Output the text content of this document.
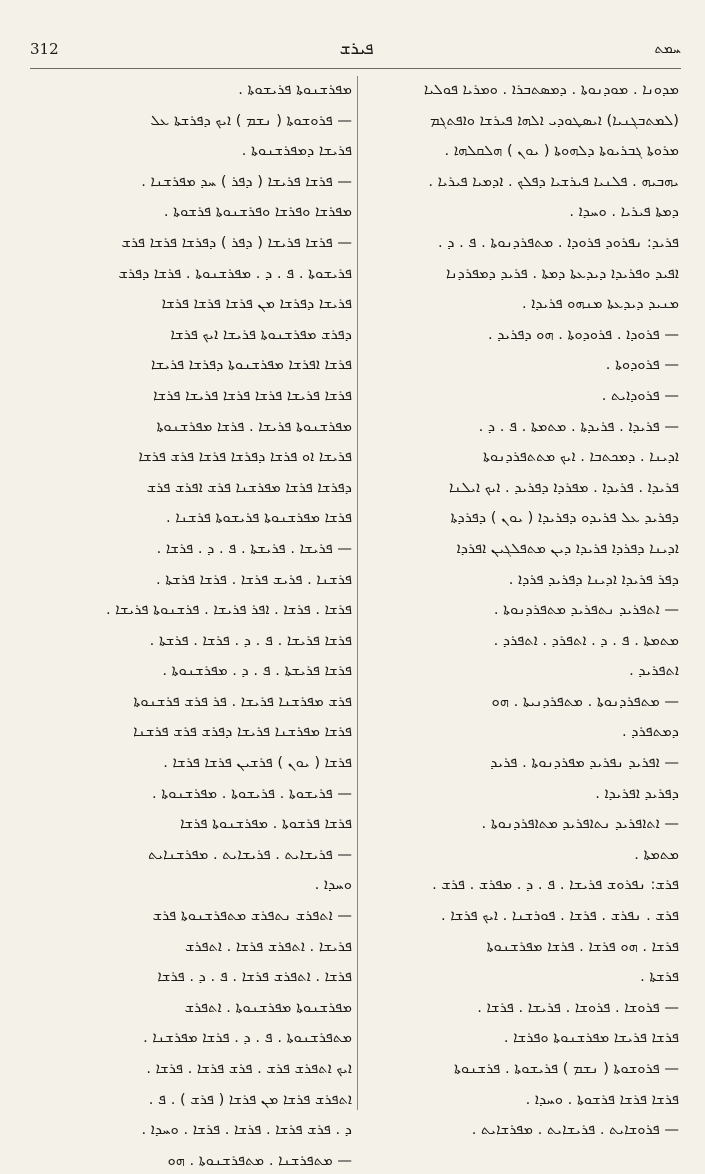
312	ܦܝܪܫ	ܚܡܬ
ܡܕܘܢܐ . ܡܘܕܢܘܬܐ . ܕܡܣܬܒܪܐ . ܘܡܪܝܐ ܦܘܠܝܐ
(ܠܡܬܒܓܢܝܐ) ܐܝܣܛܘܕܝ ܐܠܗܐ ܦܝܪܫܐ ܘܐܦܬܓܡ
ܡܪܘܬܐ ܓܒܪܝܘܬܐ ܕܠܗܘܬܐ ( ܝܘܢ ) ܗܠܩܠܗܐ .
ܝܗܒܝܗ . ܦܠܢܝܐ ܦܝܪܫܝܐ ܕܦܠܟ . ܐܕܡܝܐ ܦܝܪܝܐ .
ܕܡܬܐ ܦܝܪܝܐ . ܘܚܕܐ .
ܦܪܝܕ: ܢܦܪܘܕ ܦܪܘܕܐ . ܡܬܦܪܕܢܘܬܐ . ܦ . ܕ .
ܐܦܝܕ ܘܦܪܝܕܐ ܕܝܕܥܬܐ ܕܡܬܐ . ܦܪܝܕ ܕܡܦܪܕܢܐ
ܡܢܝܕ ܕܝܕܥܬܐ ܡܢܗܘ ܦܪܝܕܐ .
— ܦܪܘܕܐ . ܦܪܘܕܘܬܐ . ܗܘ ܕܦܪܝܕ .
— ܦܪܘܕܘܬܐ .
— ܦܪܘܕܐܝܬ .
— ܦܪܝܕܐ . ܦܪܝܕܬܐ . ܡܬܡܬܐ . ܦ . ܕ .
ܐܕܝܢܐ . ܕܡܟܬܒܐ . ܐܝܟ ܡܬܬܦܪܕܢܘܬܐ
ܦܪܝܕܐ . ܦܪܝܕܐ . ܡܦܪܕܐ ܕܦܪܝܕ . ܐܝܟ ܐܝܠܢܐ
ܕܦܪܝܕ ܥܠ ܦܪܝܕܘ ܕܦܪܝܕܐ ( ܝܘܢ ) ܕܦܪܕܬܐ
ܐܕܝܢܐ ܕܦܪܕܐ ܦܪܝܕܐ ܕܝܢ ܡܬܦܠܓܝܢ ܐܦܪܕܐ
ܕܦܪ ܦܪܝܕܐ ܐܕܝܢܐ ܕܦܪܝܕ ܦܪܕܐ .
— ܐܬܦܪܝܕ ܢܬܦܪܝܕ ܡܬܦܪܕܢܘܬܐ .
ܡܬܡܬܐ . ܦ . ܕ . ܐܬܦܪܕ . ܐܬܦܪܕ .
ܐܬܦܪܝܕ .
— ܡܬܦܪܕܢܘܬܐ . ܡܬܦܪܕܢܝܬܐ . ܗܘ
ܕܡܬܦܪܕ .
— ܐܦܪܝܕ ܢܦܪܝܕ ܡܦܪܕܢܘܬܐ . ܦܪܝܕ
ܕܦܪܝܕ ܐܦܪܝܕܐ .
— ܐܬܐܦܪܝܕ ܢܬܐܦܪܝܕ ܡܬܐܦܪܕܢܘܬܐ .
ܡܬܡܬܐ .
ܦܪܫ: ܢܦܪܘܫ ܦܪܝܫܐ . ܦ . ܕ . ܡܦܪܫ . ܦܪܫ .
ܦܪܫ . ܢܦܪܫ . ܦܪܫܐ . ܦܘܪܫܢܐ . ܐܝܟ ܦܪܫܐ .
ܦܪܫܐ . ܗܘ ܦܪܫܐ . ܦܪܫܐ ܡܦܪܫܢܘܬܐ
ܦܪܫܬܐ .
— ܦܪܘܫܐ . ܦܪܘܫܐ . ܦܪܝܫܐ . ܦܪܫܐ .
ܦܪܫܐ ܦܪܝܫܐ ܡܦܪܫܢܘܬܐ ܘܦܪܫܐ .
— ܦܪܘܫܘܬܐ ( ܢܫܡ ) ܦܪܝܫܘܬܐ . ܦܪܫܢܘܬܐ
ܦܪܫܐ ܦܪܫܐ ܦܪܫܘܬܐ . ܘܚܕܐ .
— ܦܪܘܫܐܝܬ . ܦܪܝܫܐܝܬ . ܡܦܪܫܐܝܬ .
ܡܦܪܫܢܘܬܐ ܦܪܝܫܘܬܐ .
— ܦܪܘܫܘܬܐ ( ܢܫܡ ) ܐܝܟ ܕܦܪܫܬܐ ܥܠ
ܦܪܝܫܐ ܕܡܦܪܫܢܘܬܐ .
— ܦܪܫܐ ܦܪܝܫܐ ( ܕܦܪ ) ܚܕ ܡܦܪܫܢܐ .
ܡܦܪܫܐ ܘܦܪܫܐ ܘܦܪܫܢܘܬܐ ܦܪܫܘܬܐ .
— ܦܪܫܐ ܦܪܝܫܐ ( ܕܦܪ ) ܕܦܪܫܐ ܦܪܫܐ ܦܪܫ
ܦܪܝܫܘܬܐ . ܦ . ܕ . ܡܦܪܫܢܘܬܐ . ܦܪܫܐ ܕܦܪܫ
ܦܪܝܫܐ ܕܦܪܫܐ ܡܢ ܦܪܫܐ ܦܪܫܐ ܦܪܫܐ
ܕܦܪܫ ܡܦܪܫܢܘܬܐ ܦܪܝܫܐ ܐܝܟ ܦܪܫܐ
ܦܪܫܐ ܐܦܪܫܐ ܡܦܪܫܢܘܬܐ ܕܦܪܫܐ ܦܪܝܫܐ
ܦܪܫܐ ܦܪܝܫܐ ܦܪܫܐ ܦܪܫܐ ܦܪܝܫܐ ܦܪܫܐ
ܡܦܪܫܢܘܬܐ ܦܪܝܫܐ . ܦܪܫܐ ܡܦܪܫܢܘܬܐ
ܦܪܝܫܐ ܐܘ ܦܪܫܐ ܕܦܪܫܐ ܦܪܫܐ ܦܪܫ ܦܪܫܐ
ܕܦܪܫܐ ܦܪܫܐ ܡܦܪܫܢܐ ܦܪܫ ܐܦܪܫ ܦܪܫ
ܦܪܫܐ ܡܦܪܫܢܘܬܐ ܦܪܝܫܘܬܐ ܦܪܫܢܐ .
— ܦܪܝܫܐ . ܦܪܝܫܬܐ . ܦ . ܕ . ܦܪܫܐ .
ܦܪܫܢܐ . ܦܪܝܫ ܦܪܫܐ . ܦܪܫܐ ܦܪܫܬܐ .
ܦܪܫܐ . ܦܪܫܐ . ܐܦܪ ܦܪܝܫܐ . ܦܪܫܢܘܬܐ ܦܪܝܫܐ .
ܦܪܫܐ ܦܪܝܫܐ . ܦ . ܕ . ܦܪܫܐ . ܦܪܫܬܐ .
ܦܪܫܐ ܦܪܝܫܬܐ . ܦ . ܕ . ܡܦܪܫܢܘܬܐ .
ܦܪܫ ܡܦܪܫܢܐ ܦܪܝܫܐ . ܦܪ ܦܪܫ ܦܪܫܢܘܬܐ
ܦܪܫܐ ܡܦܪܫܢܐ ܦܪܝܫܐ ܕܦܪܫ ܦܪܫ ܦܪܫܢܐ
ܦܪܫܐ ( ܝܘܢ ) ܦܪܫܝܢ ܦܪܫܐ ܦܪܫܐ .
— ܦܪܝܫܘܬܐ . ܦܪܝܫܘܬܐ . ܡܦܪܫܢܘܬܐ .
ܦܪܫܐ ܦܪܫܘܬܐ . ܡܦܪܫܢܘܬܐ ܦܪܫܐ
— ܦܪܝܫܐܝܬ . ܦܪܝܫܐܝܬ . ܡܦܪܫܢܐܝܬ
ܘܚܕܐ .
— ܐܬܦܪܫ ܢܬܦܪܫ ܡܬܦܪܫܢܘܬܐ ܦܪܫ
ܦܪܝܫܐ . ܐܬܦܪܫ ܦܪܫܐ . ܐܬܦܪܫ
ܦܪܫܐ . ܐܬܦܪܫ ܦܪܫܐ . ܦ . ܕ . ܦܪܫܐ
ܡܦܪܫܢܘܬܐ ܡܦܪܫܢܘܬܐ . ܐܬܦܪܫ
ܡܬܦܪܫܢܘܬܐ . ܦ . ܕ . ܦܪܫܐ ܡܦܪܫܢܐ .
ܐܝܟ ܐܬܦܪܫ ܦܪܫ . ܦܪܫ ܦܪܫܐ . ܦܪܫܐ .
ܐܬܦܪܫ ܦܪܫܐ ܡܢ ܦܪܫܐ ( ܦܪܫ ) . ܦ .
ܕ . ܦܪܫ ܦܪܫܐ . ܦܪܫܐ . ܦܪܫܐ . ܘܚܕܐ .
— ܡܬܦܪܫܢܐ . ܡܬܦܪܫܢܘܬܐ . ܗܘ
